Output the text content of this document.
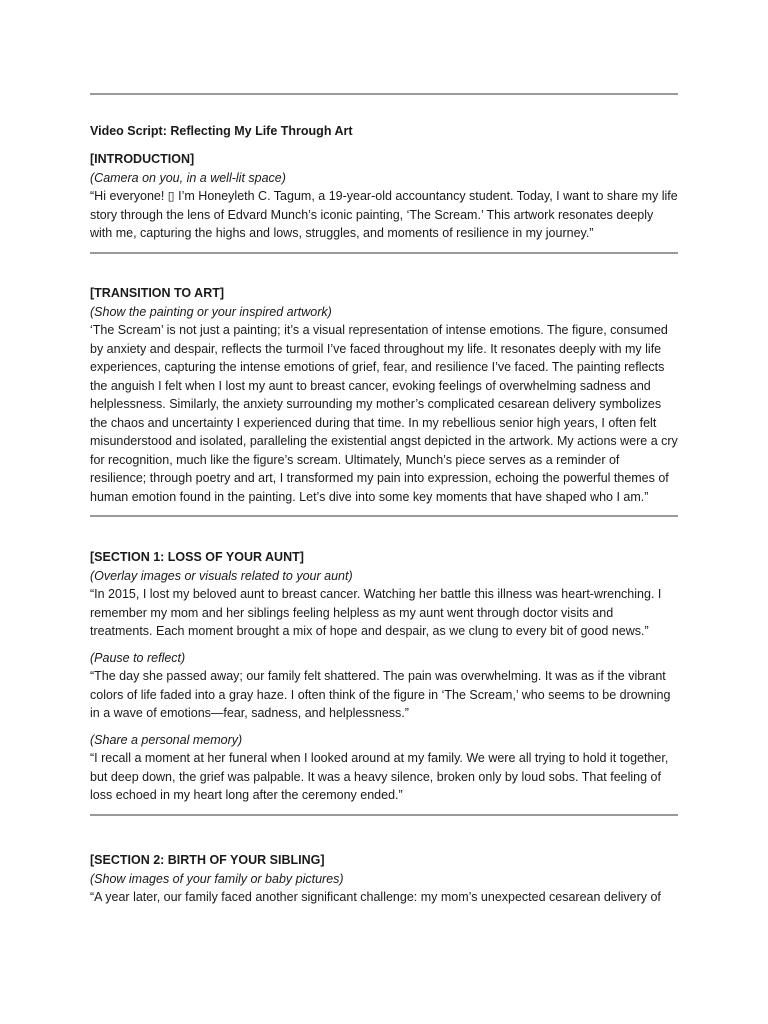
Video Script: Reflecting My Life Through Art

[INTRODUCTION]

(Camera on you, in a well-lit space)

“Hi everyone! ▯ I’m Honeyleth C. Tagum, a 19-year-old accountancy student. Today, I want to share my life story through the lens of Edvard Munch’s iconic painting, ‘The Scream.’ This artwork resonates deeply with me, capturing the highs and lows, struggles, and moments of resilience in my journey.”

[TRANSITION TO ART]

(Show the painting or your inspired artwork)

‘The Scream’ is not just a painting; it’s a visual representation of intense emotions. The figure, consumed by anxiety and despair, reflects the turmoil I’ve faced throughout my life. It resonates deeply with my life experiences, capturing the intense emotions of grief, fear, and resilience I’ve faced. The painting reflects the anguish I felt when I lost my aunt to breast cancer, evoking feelings of overwhelming sadness and helplessness. Similarly, the anxiety surrounding my mother’s complicated cesarean delivery symbolizes the chaos and uncertainty I experienced during that time. In my rebellious senior high years, I often felt misunderstood and isolated, paralleling the existential angst depicted in the artwork. My actions were a cry for recognition, much like the figure’s scream. Ultimately, Munch’s piece serves as a reminder of resilience; through poetry and art, I transformed my pain into expression, echoing the powerful themes of human emotion found in the painting. Let’s dive into some key moments that have shaped who I am.”

[SECTION 1: LOSS OF YOUR AUNT]

(Overlay images or visuals related to your aunt)

“In 2015, I lost my beloved aunt to breast cancer. Watching her battle this illness was heart-wrenching. I remember my mom and her siblings feeling helpless as my aunt went through doctor visits and treatments. Each moment brought a mix of hope and despair, as we clung to every bit of good news.”

(Pause to reflect)

“The day she passed away; our family felt shattered. The pain was overwhelming. It was as if the vibrant colors of life faded into a gray haze. I often think of the figure in ‘The Scream,’ who seems to be drowning in a wave of emotions—fear, sadness, and helplessness.”

(Share a personal memory)

“I recall a moment at her funeral when I looked around at my family. We were all trying to hold it together, but deep down, the grief was palpable. It was a heavy silence, broken only by loud sobs. That feeling of loss echoed in my heart long after the ceremony ended.”

[SECTION 2: BIRTH OF YOUR SIBLING]

(Show images of your family or baby pictures)

“A year later, our family faced another significant challenge: my mom’s unexpected cesarean delivery of
